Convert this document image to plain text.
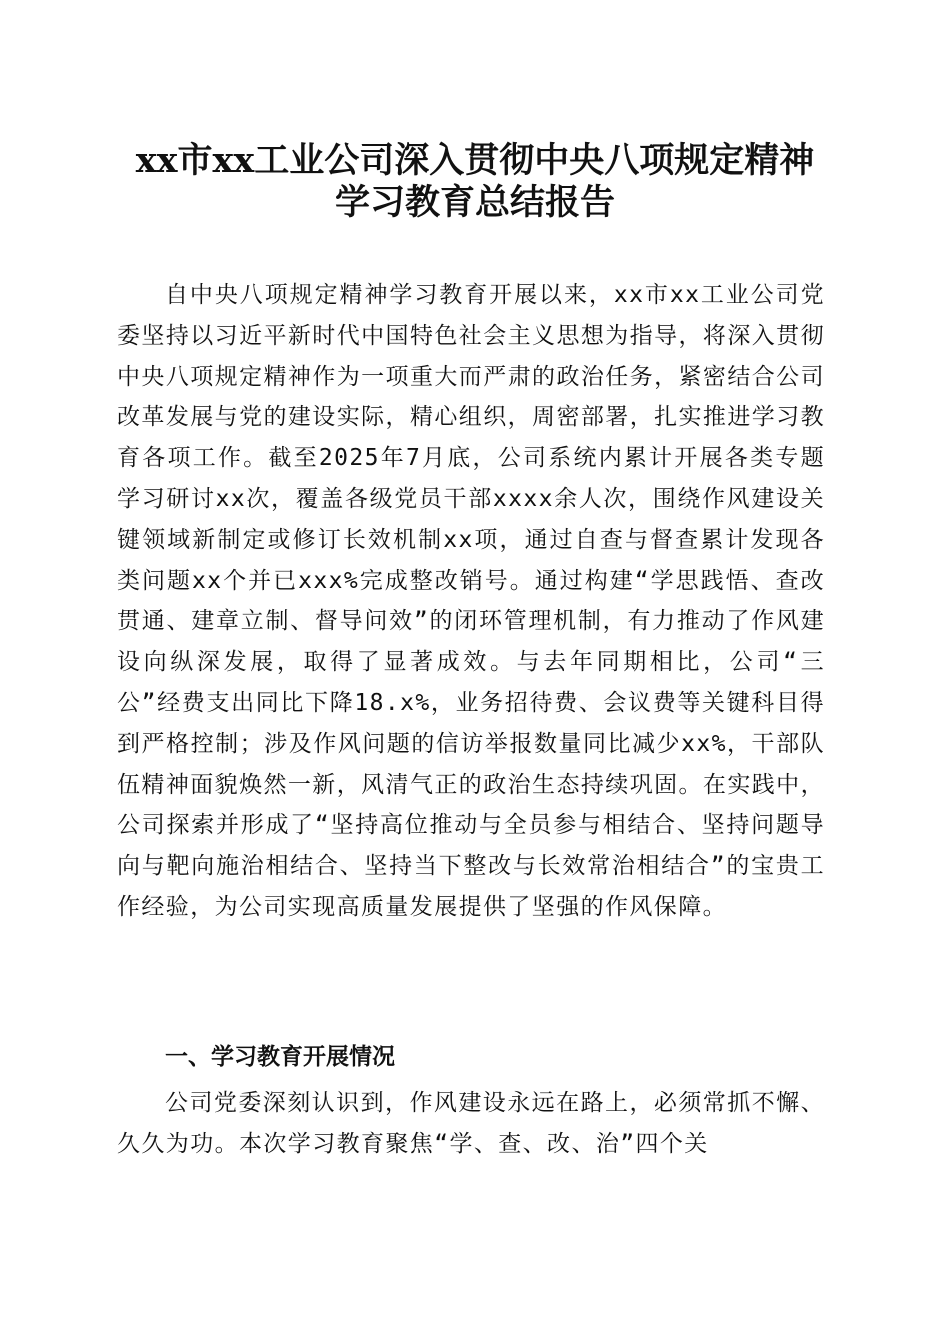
xx市xx工业公司深入贯彻中央八项规定精神
学习教育总结报告

自中央八项规定精神学习教育开展以来，xx市xx工业公司党委坚持以习近平新时代中国特色社会主义思想为指导，将深入贯彻中央八项规定精神作为一项重大而严肃的政治任务，紧密结合公司改革发展与党的建设实际，精心组织，周密部署，扎实推进学习教育各项工作。截至2025年7月底，公司系统内累计开展各类专题学习研讨xx次，覆盖各级党员干部xxxx余人次，围绕作风建设关键领域新制定或修订长效机制xx项，通过自查与督查累计发现各类问题xx个并已xxx%完成整改销号。通过构建“学思践悟、查改贯通、建章立制、督导问效”的闭环管理机制，有力推动了作风建设向纵深发展，取得了显著成效。与去年同期相比，公司“三公”经费支出同比下降18.x%，业务招待费、会议费等关键科目得到严格控制；涉及作风问题的信访举报数量同比减少xx%，干部队伍精神面貌焕然一新，风清气正的政治生态持续巩固。在实践中，公司探索并形成了“坚持高位推动与全员参与相结合、坚持问题导向与靶向施治相结合、坚持当下整改与长效常治相结合”的宝贵工作经验，为公司实现高质量发展提供了坚强的作风保障。

一、学习教育开展情况

公司党委深刻认识到，作风建设永远在路上，必须常抓不懈、久久为功。本次学习教育聚焦“学、查、改、治”四个关
